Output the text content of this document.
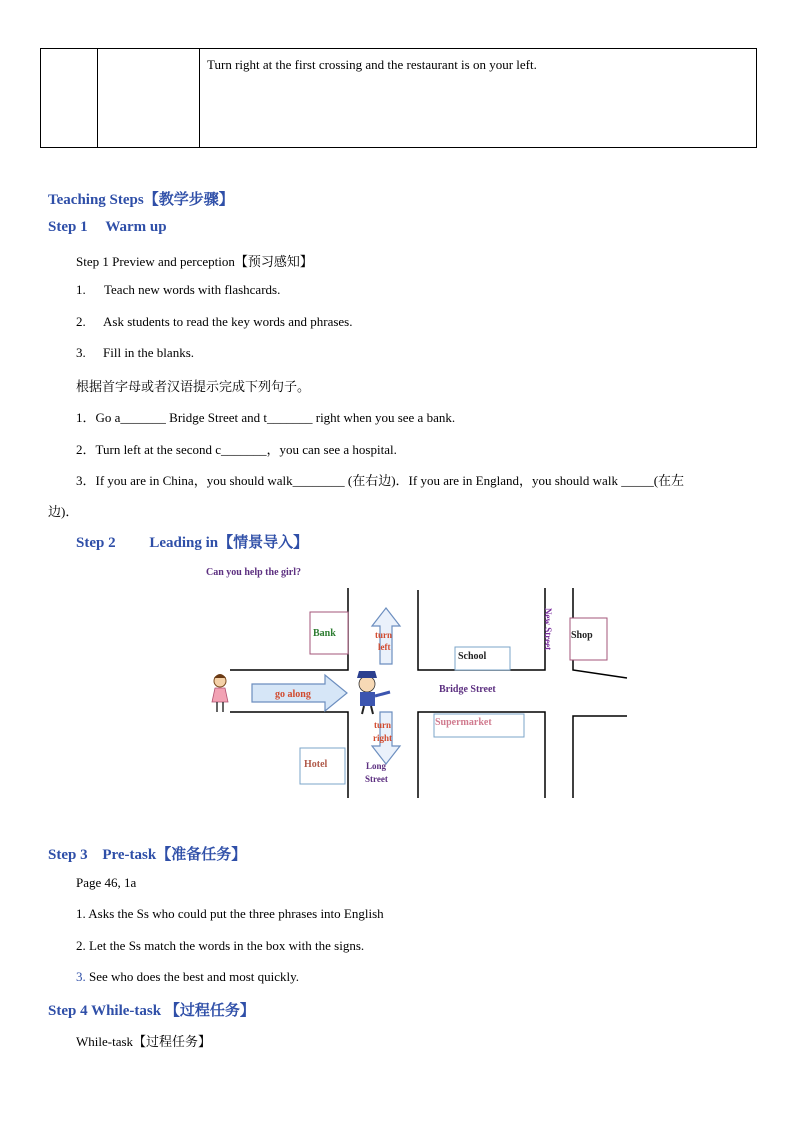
Turn right at the first crossing and the restaurant is on your left.
Teaching Steps【教学步骤】
Step 1 Warm up
Step 1 Preview and perception【预习感知】
1. Teach new words with flashcards.
2. Ask students to read the key words and phrases.
3. Fill in the blanks.
根据首字母或者汉语提示完成下列句子。
1．Go a_______ Bridge Street and t_______ right when you see a bank.
2．Turn left at the second c_______，you can see a hospital.
3．If you are in China，you should walk________ (在右边)．If you are in England，you should walk _____(在左
边)．
Step 2 Leading in【情景导入】
Can you help the girl?
Bank	turn
left
go along
School
New Street Shop
Bridge Street
Supermarket
turn
right
Hotel	Long
Street
Step 3 Pre-task【准备任务】
Page 46, 1a
1. Asks the Ss who could put the three phrases into English
2. Let the Ss match the words in the box with the signs.
3. See who does the best and most quickly.
Step 4 While-task 【过程任务】
While-task【过程任务】
